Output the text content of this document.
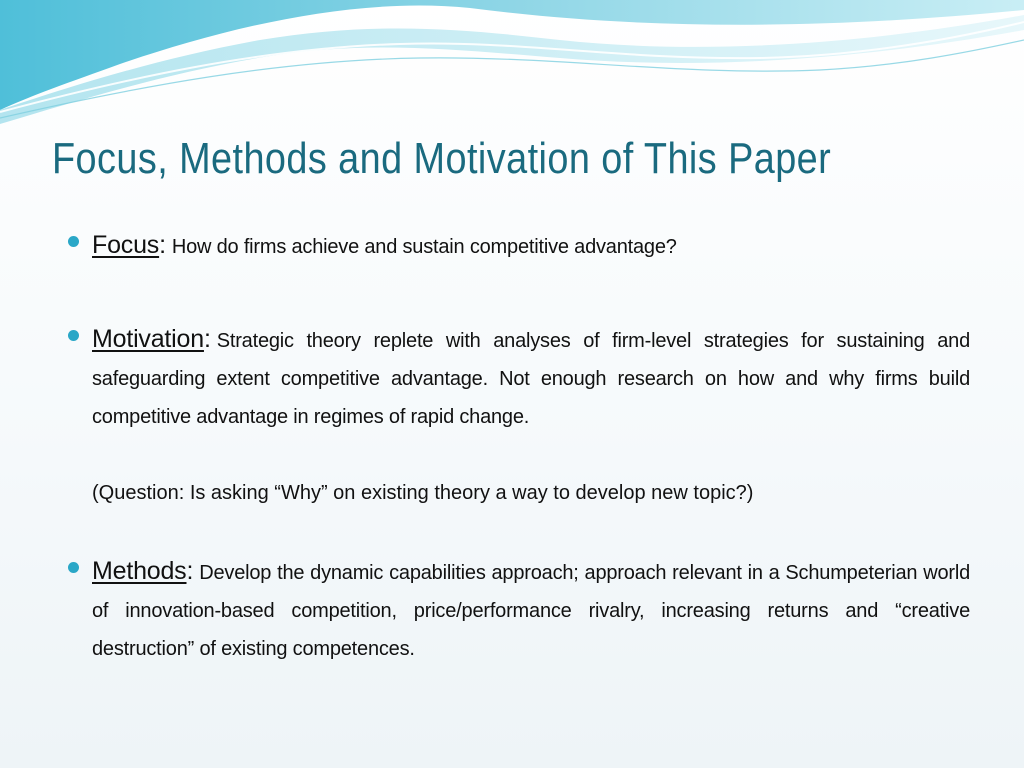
Focus, Methods and Motivation of This Paper

Focus: How do firms achieve and sustain competitive advantage?

Motivation: Strategic theory replete with analyses of firm-level strategies for sustaining and safeguarding extent competitive advantage. Not enough research on how and why firms build competitive advantage in regimes of rapid change.

(Question: Is asking “Why” on existing theory a way to develop new topic?)

Methods: Develop the dynamic capabilities approach; approach relevant in a Schumpeterian world of innovation-based competition, price/performance rivalry, increasing returns and “creative destruction” of existing competences.
